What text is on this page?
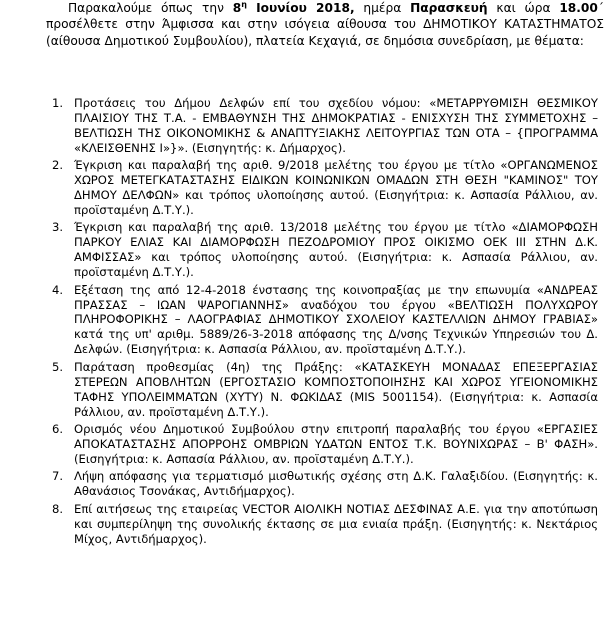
Παρακαλούμε όπως την $8^\eta$ Ιουνίου 2018, ημέρα Παρασκευή και ώρα 18.00΄ προσέλθετε στην Άμφισσα και στην ισόγεια αίθουσα του ΔΗΜΟΤΙΚΟΥ ΚΑΤΑΣΤΗΜΑΤΟΣ (αίθουσα Δημοτικού Συμβουλίου), πλατεία Κεχαγιά, σε δημόσια συνεδρίαση, με θέματα:
1. Προτάσεις του Δήμου Δελφών επί του σχεδίου νόμου: «ΜΕΤΑΡΡΥΘΜΙΣΗ ΘΕΣΜΙΚΟΥ ΠΛΑΙΣΙΟΥ ΤΗΣ Τ.Α. - ΕΜΒΑΘΥΝΣΗ ΤΗΣ ΔΗΜΟΚΡΑΤΙΑΣ - ΕΝΙΣΧΥΣΗ ΤΗΣ ΣΥΜΜΕΤΟΧΗΣ – ΒΕΛΤΙΩΣΗ ΤΗΣ ΟΙΚΟΝΟΜΙΚΗΣ & ΑΝΑΠΤΥΞΙΑΚΗΣ ΛΕΙΤΟΥΡΓΙΑΣ ΤΩΝ ΟΤΑ – {ΠΡΟΓΡΑΜΜΑ «ΚΛΕΙΣΘΕΝΗΣ Ι»}». (Εισηγητής: κ. Δήμαρχος).
2. Έγκριση και παραλαβή της αριθ. 9/2018 μελέτης του έργου με τίτλο «ΟΡΓΑΝΩΜΕΝΟΣ ΧΩΡΟΣ ΜΕΤΕΓΚΑΤΑΣΤΑΣΗΣ ΕΙΔΙΚΩΝ ΚΟΙΝΩΝΙΚΩΝ ΟΜΑΔΩΝ ΣΤΗ ΘΕΣΗ "ΚΑΜΙΝΟΣ" ΤΟΥ ΔΗΜΟΥ ΔΕΛΦΩΝ» και τρόπος υλοποίησης αυτού. (Εισηγήτρια: κ. Ασπασία Ράλλιου, αν. προϊσταμένη Δ.Τ.Υ.).
3. Έγκριση και παραλαβή της αριθ. 13/2018 μελέτης του έργου με τίτλο «ΔΙΑΜΟΡΦΩΣΗ ΠΑΡΚΟΥ ΕΛΙΑΣ ΚΑΙ ΔΙΑΜΟΡΦΩΣΗ ΠΕΖΟΔΡΟΜΙΟΥ ΠΡΟΣ ΟΙΚΙΣΜΟ ΟΕΚ ΙΙΙ ΣΤΗΝ Δ.Κ. ΑΜΦΙΣΣΑΣ» και τρόπος υλοποίησης αυτού. (Εισηγήτρια: κ. Ασπασία Ράλλιου, αν. προϊσταμένη Δ.Τ.Υ.).
4. Εξέταση της από 12-4-2018 ένστασης της κοινοπραξίας με την επωνυμία «ΑΝΔΡΕΑΣ ΠΡΑΣΣΑΣ – ΙΩΑΝ ΨΑΡΟΓΙΑΝΝΗΣ» αναδόχου του έργου «ΒΕΛΤΙΩΣΗ ΠΟΛΥΧΩΡΟΥ ΠΛΗΡΟΦΟΡΙΚΗΣ – ΛΑΟΓΡΑΦΙΑΣ ΔΗΜΟΤΙΚΟΥ ΣΧΟΛΕΙΟΥ ΚΑΣΤΕΛΛΙΩΝ ΔΗΜΟΥ ΓΡΑΒΙΑΣ» κατά της υπ' αριθμ. 5889/26-3-2018 απόφασης της Δ/νσης Τεχνικών Υπηρεσιών του Δ. Δελφών. (Εισηγήτρια: κ. Ασπασία Ράλλιου, αν. προϊσταμένη Δ.Τ.Υ.).
5. Παράταση προθεσμίας (4η) της Πράξης: «ΚΑΤΑΣΚΕΥΗ ΜΟΝΑΔΑΣ ΕΠΕΞΕΡΓΑΣΙΑΣ ΣΤΕΡΕΩΝ ΑΠΟΒΛΗΤΩΝ (ΕΡΓΟΣΤΑΣΙΟ ΚΟΜΠΟΣΤΟΠΟΙΗΣΗΣ ΚΑΙ ΧΩΡΟΣ ΥΓΕΙΟΝΟΜΙΚΗΣ ΤΑΦΗΣ ΥΠΟΛΕΙΜΜΑΤΩΝ (ΧΥΤΥ) Ν. ΦΩΚΙΔΑΣ (MIS 5001154). (Εισηγήτρια: κ. Ασπασία Ράλλιου, αν. προϊσταμένη Δ.Τ.Υ.).
6. Ορισμός νέου Δημοτικού Συμβούλου στην επιτροπή παραλαβής του έργου «ΕΡΓΑΣΙΕΣ ΑΠΟΚΑΤΑΣΤΑΣΗΣ ΑΠΟΡΡΟΗΣ ΟΜΒΡΙΩΝ ΥΔΑΤΩΝ ΕΝΤΟΣ Τ.Κ. ΒΟΥΝΙΧΩΡΑΣ – Β' ΦΑΣΗ». (Εισηγήτρια: κ. Ασπασία Ράλλιου, αν. προϊσταμένη Δ.Τ.Υ.).
7. Λήψη απόφασης για τερματισμό μισθωτικής σχέσης στη Δ.Κ. Γαλαξιδίου. (Εισηγητής: κ. Αθανάσιος Τσονάκας, Αντιδήμαρχος).
8. Επί αιτήσεως της εταιρείας VECTOR ΑΙΟΛΙΚΗ ΝΟΤΙΑΣ ΔΕΣΦΙΝΑΣ Α.Ε. για την αποτύπωση και συμπερίληψη της συνολικής έκτασης σε μια ενιαία πράξη. (Εισηγητής: κ. Νεκτάριος Μίχος, Αντιδήμαρχος).
